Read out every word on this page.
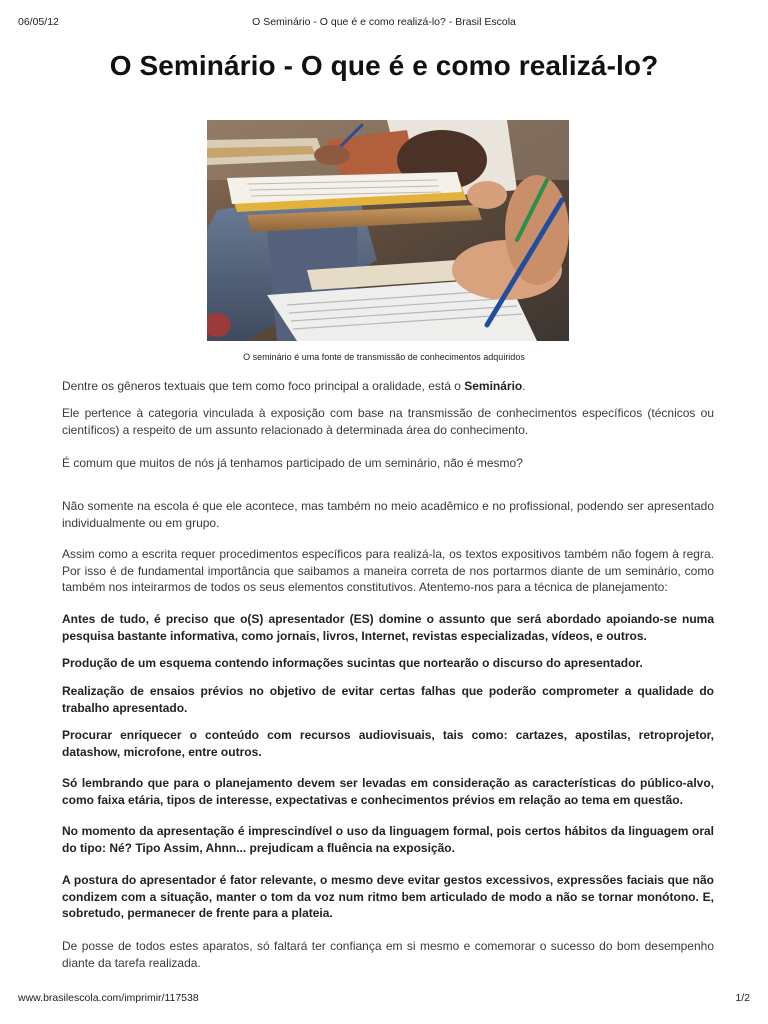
06/05/12	O Seminário - O que é e como realizá-lo? - Brasil Escola
O Seminário - O que é e como realizá-lo?
O seminário é uma fonte de transmissão de conhecimentos adquiridos

Dentre os gêneros textuais que tem como foco principal a oralidade, está o Seminário.

Ele pertence à categoria vinculada à exposição com base na transmissão de conhecimentos específicos (técnicos ou científicos) a respeito de um assunto relacionado à determinada área do conhecimento.

É comum que muitos de nós já tenhamos participado de um seminário, não é mesmo?

Não somente na escola é que ele acontece, mas também no meio acadêmico e no profissional, podendo ser apresentado individualmente ou em grupo.

Assim como a escrita requer procedimentos específicos para realizá-la, os textos expositivos também não fogem à regra. Por isso é de fundamental importância que saibamos a maneira correta de nos portarmos diante de um seminário, como também nos inteirarmos de todos os seus elementos constitutivos. Atentemo-nos para a técnica de planejamento:

Antes de tudo, é preciso que o(S) apresentador (ES) domine o assunto que será abordado apoiando-se numa pesquisa bastante informativa, como jornais, livros, Internet, revistas especializadas, vídeos, e outros.

Produção de um esquema contendo informações sucintas que nortearão o discurso do apresentador.

Realização de ensaios prévios no objetivo de evitar certas falhas que poderão comprometer a qualidade do trabalho apresentado.

Procurar enriquecer o conteúdo com recursos audiovisuais, tais como: cartazes, apostilas, retroprojetor, datashow, microfone, entre outros.

Só lembrando que para o planejamento devem ser levadas em consideração as características do público-alvo, como faixa etária, tipos de interesse, expectativas e conhecimentos prévios em relação ao tema em questão.

No momento da apresentação é imprescindível o uso da linguagem formal, pois certos hábitos da linguagem oral do tipo: Né? Tipo Assim, Ahnn... prejudicam a fluência na exposição.

A postura do apresentador é fator relevante, o mesmo deve evitar gestos excessivos, expressões faciais que não condizem com a situação, manter o tom da voz num ritmo bem articulado de modo a não se tornar monótono. E, sobretudo, permanecer de frente para a plateia.

De posse de todos estes aparatos, só faltará ter confiança em si mesmo e comemorar o sucesso do bom desempenho diante da tarefa realizada.

www.brasilescola.com/imprimir/117538	1/2
